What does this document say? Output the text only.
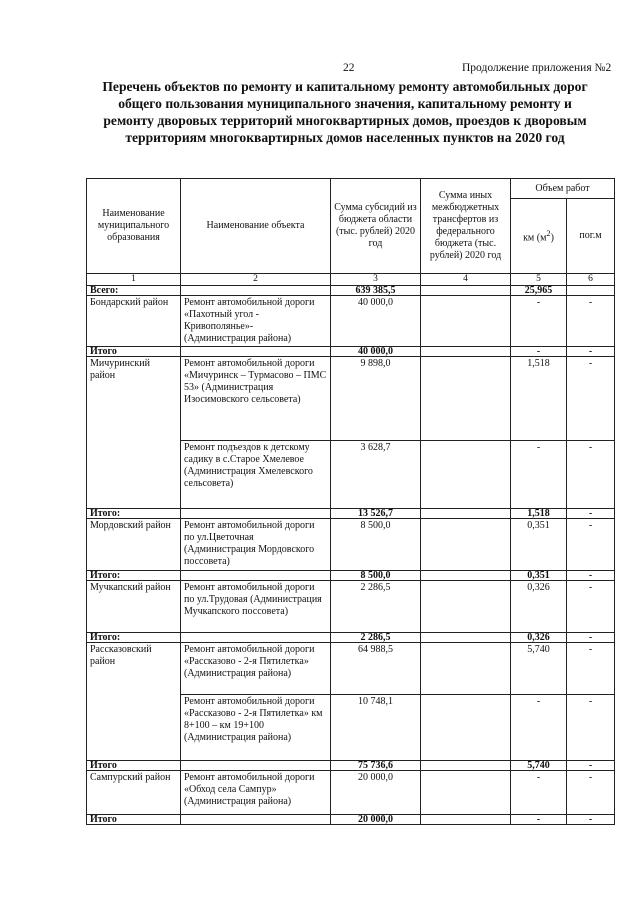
22	Продолжение приложения №2
Перечень объектов по ремонту и капитальному ремонту автомобильных дорог общего пользования муниципального значения, капитальному ремонту и ремонту дворовых территорий многоквартирных домов, проездов к дворовым территориям многоквартирных домов населенных пунктов на 2020 год
Наименование муниципального образования	Наименование объекта	Сумма субсидий из бюджета области (тыс. рублей) 2020 год	Сумма иных межбюджетных трансфертов из федерального бюджета (тыс. рублей) 2020 год	Объем работ	
				км $(м^2)$	пог.м
1	2	3	4	5	6
Всего:		639 385,5		25,965	
Бондарский район	Ремонт автомобильной дороги «Пахотный угол - Кривополянье»- (Администрация района)	40 000,0		-	-
Итого		40 000,0		-	-
Мичуринский район	Ремонт автомобильной дороги «Мичуринск – Турмасово – ПМС 53» (Администрация Изосимовского сельсовета)	9 898,0		1,518	-
	Ремонт подъездов к детскому садику в с.Старое Хмелевое (Администрация Хмелевского сельсовета)	3 628,7		-	-
Итого:		13 526,7		1,518	-
Мордовский район	Ремонт автомобильной дороги по ул.Цветочная (Администрация Мордовского поссовета)	8 500,0		0,351	-
Итого:		8 500,0		0,351	-
Мучкапский район	Ремонт автомобильной дороги по ул.Трудовая (Администрация Мучкапского поссовета)	2 286,5		0,326	-
Итого:		2 286,5		0,326	-
Рассказовский район	Ремонт автомобильной дороги «Рассказово - 2-я Пятилетка» (Администрация района)	64 988,5		5,740	-
	Ремонт автомобильной дороги «Рассказово - 2-я Пятилетка» км 8+100 – км 19+100 (Администрация района)	10 748,1		-	-
Итого		75 736,6		5,740	-
Сампурский район	Ремонт автомобильной дороги «Обход села Сампур» (Администрация района)	20 000,0		-	-
Итого		20 000,0		-	-
